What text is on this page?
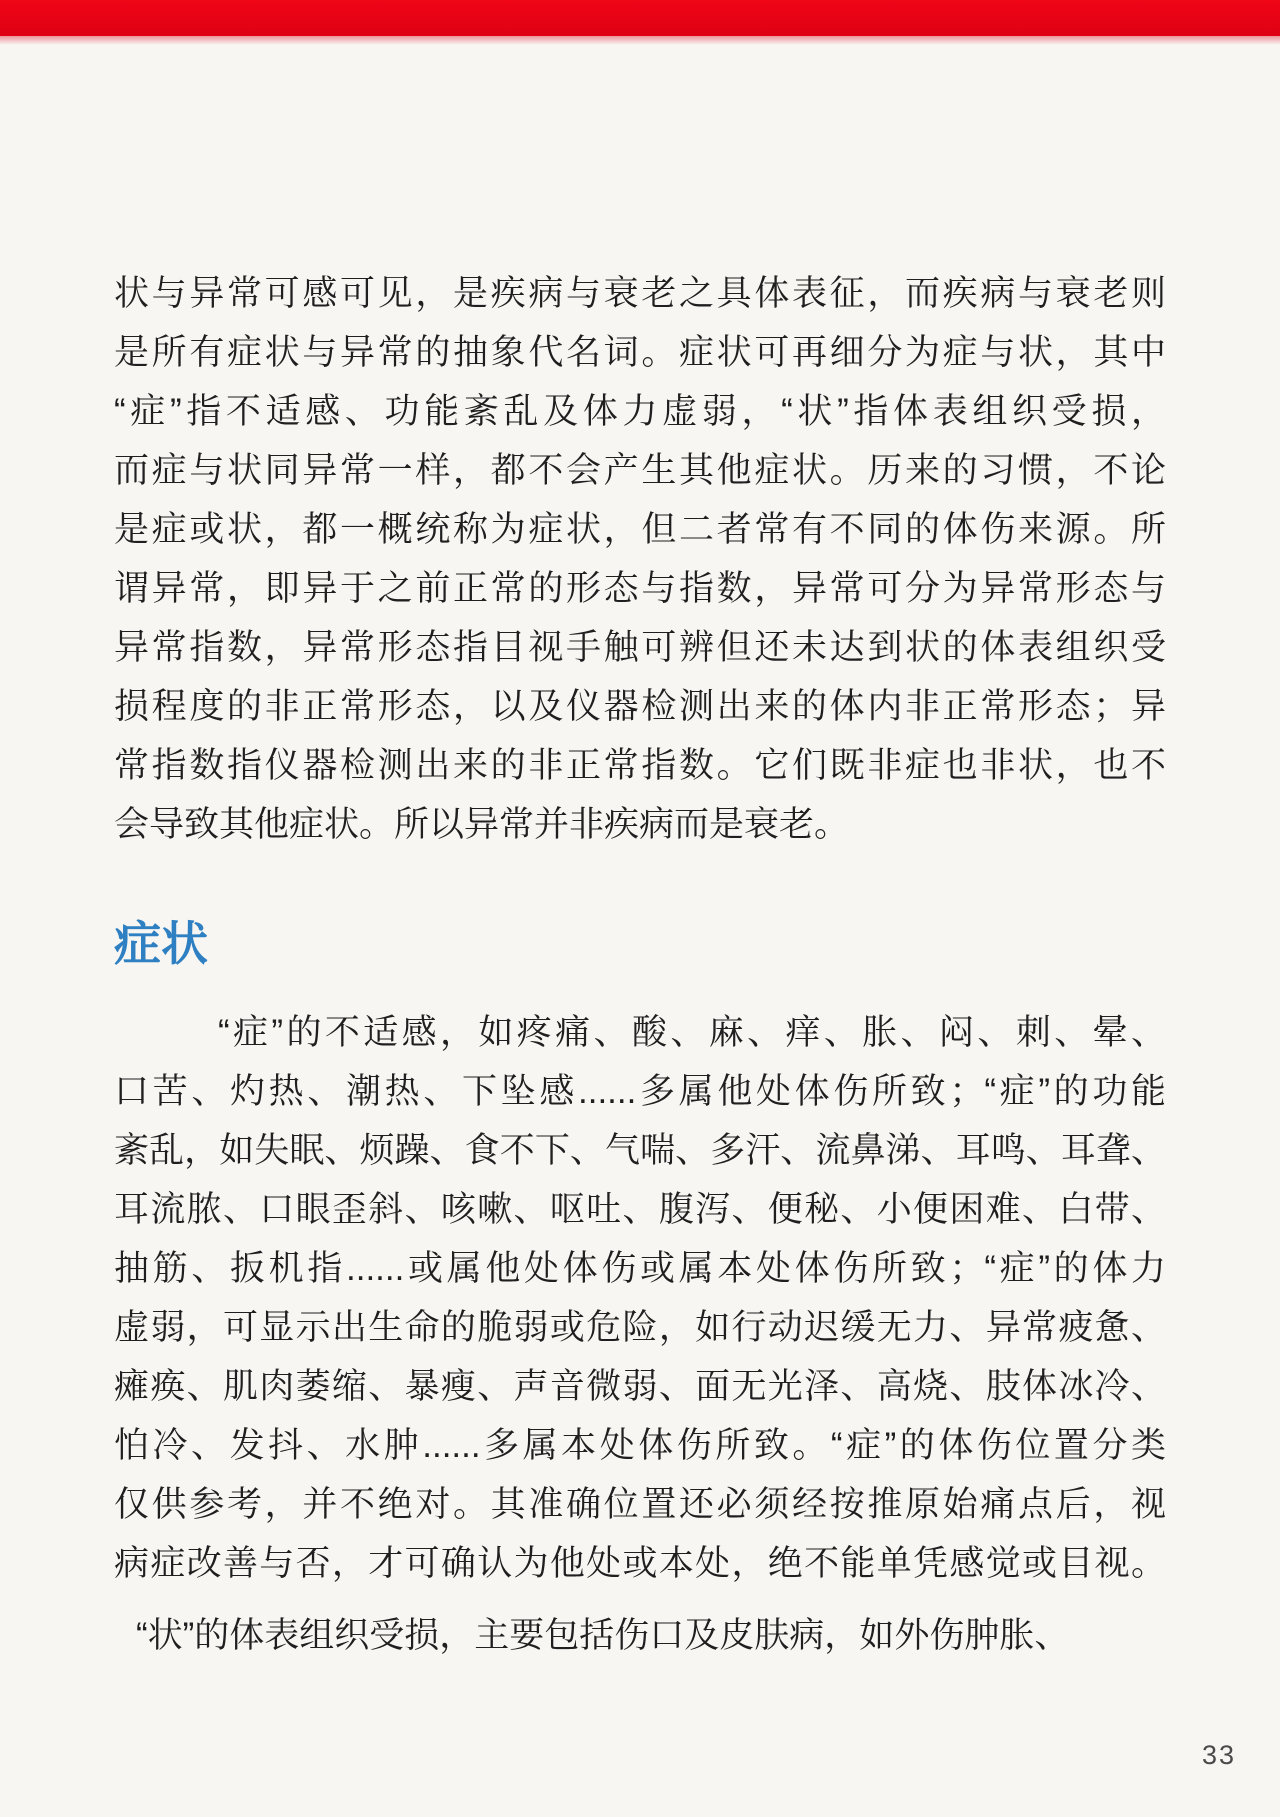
状与异常可感可见，是疾病与衰老之具体表征，而疾病与衰老则
是所有症状与异常的抽象代名词。症状可再细分为症与状，其中
“症”指不适感、功能紊乱及体力虚弱，“状”指体表组织受损，
而症与状同异常一样，都不会产生其他症状。历来的习惯，不论
是症或状，都一概统称为症状，但二者常有不同的体伤来源。所
谓异常，即异于之前正常的形态与指数，异常可分为异常形态与
异常指数，异常形态指目视手触可辨但还未达到状的体表组织受
损程度的非正常形态，以及仪器检测出来的体内非正常形态；异
常指数指仪器检测出来的非正常指数。它们既非症也非状，也不
会导致其他症状。所以异常并非疾病而是衰老。
症状
“症”的不适感，如疼痛、酸、麻、痒、胀、闷、刺、晕、
口苦、灼热、潮热、下坠感......多属他处体伤所致；“症”的功能
紊乱，如失眠、烦躁、食不下、气喘、多汗、流鼻涕、耳鸣、耳聋、
耳流脓、口眼歪斜、咳嗽、呕吐、腹泻、便秘、小便困难、白带、
抽筋、扳机指......或属他处体伤或属本处体伤所致；“症”的体力
虚弱，可显示出生命的脆弱或危险，如行动迟缓无力、异常疲惫、
瘫痪、肌肉萎缩、暴瘦、声音微弱、面无光泽、高烧、肢体冰冷、
怕冷、发抖、水肿......多属本处体伤所致。“症”的体伤位置分类
仅供参考，并不绝对。其准确位置还必须经按推原始痛点后，视
病症改善与否，才可确认为他处或本处，绝不能单凭感觉或目视。
“状”的体表组织受损，主要包括伤口及皮肤病，如外伤肿胀、
33
